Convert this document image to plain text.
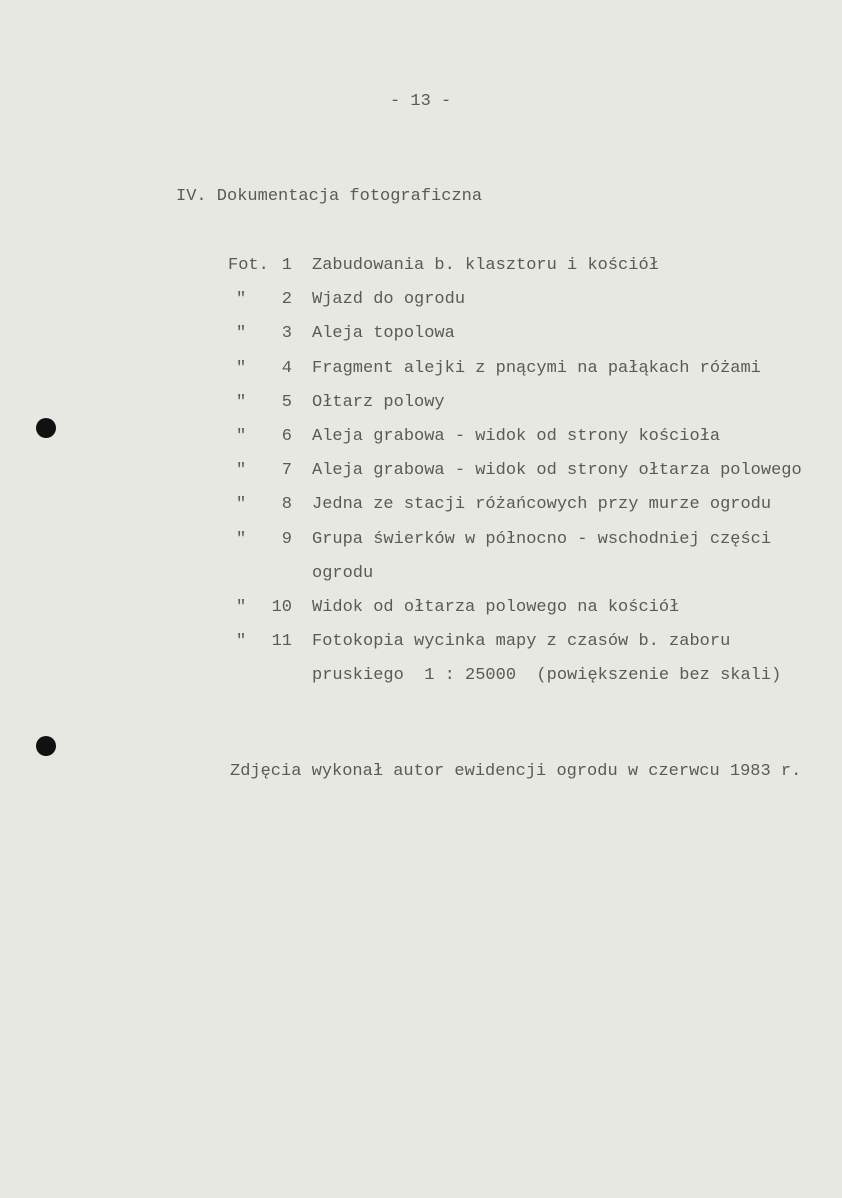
- 13 -
IV. Dokumentacja fotograficzna
Fot. 1 Zabudowania b. klasztoru i kościół
"	2 Wjazd do ogrodu
"	3 Aleja topolowa
"	4 Fragment alejki z pnącymi na pałąkach różami
"	5 Ołtarz polowy
"	6 Aleja grabowa - widok od strony kościoła
"	7 Aleja grabowa - widok od strony ołtarza polowego
"	8 Jedna ze stacji różańcowych przy murze ogrodu
"	9 Grupa świerków w północno - wschodniej części
ogrodu
"	10 Widok od ołtarza polowego na kościół
"	11 Fotokopia wycinka mapy z czasów b. zaboru
pruskiego  1 : 25000  (powiększenie bez skali)
Zdjęcia wykonał autor ewidencji ogrodu w czerwcu 1983 r.
